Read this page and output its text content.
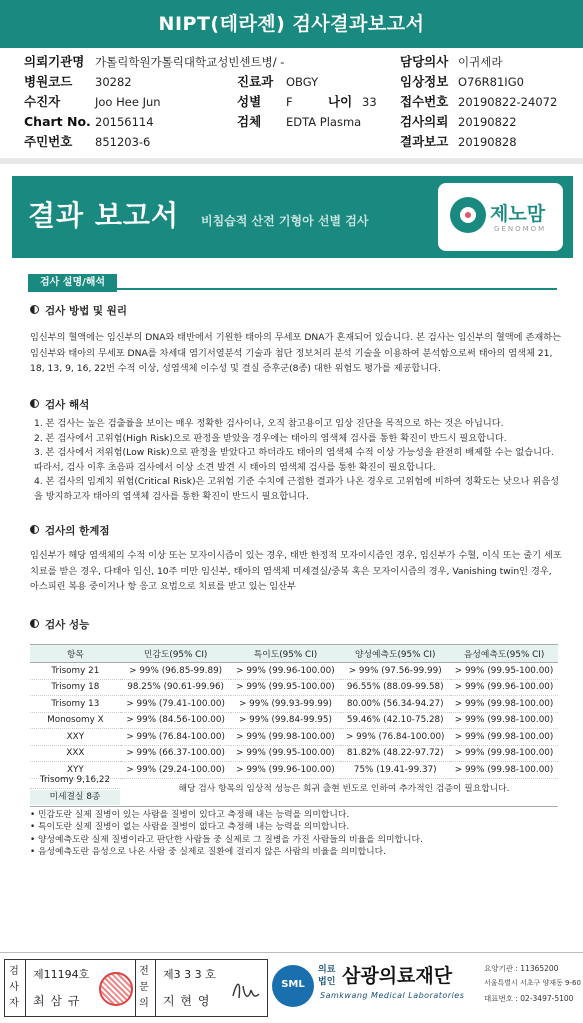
NIPT(테라젠) 검사결과보고서
의뢰기관명 가톨릭학원가톨릭대학교성빈센트병/ -	담당의사 이귀세라
병원코드 30282	진료과 OBGY	임상정보 O76R81IG0
수진자	Joo Hee Jun	성별 F	나이 33 접수번호 20190822-24072
Chart No. 20156114	검체 EDTA Plasma	검사의뢰 20190822
주민번호 851203-6	결과보고 20190828
결과 보고서 비침습적 산전 기형아 선별 검사	제노맘
GENOMOM
검사 설명/해석
검사 방법 및 원리
임신부의 혈액에는 임신부의 DNA와 태반에서 기원한 태아의 무세포 DNA가 혼재되어 있습니다. 본 검사는 임신부의 혈액에 존재하는 임신부와 태아의 무세포 DNA를 차세대 염기서열분석 기술과 첨단 정보처리 분석 기술을 이용하여 분석함으로써 태아의 염색체 21, 18, 13, 9, 16, 22번 수적 이상, 성염색체 이수성 및 결실 증후군(8종) 대한 위험도 평가를 제공합니다.
검사 해석
1. 본 검사는 높은 검출률을 보이는 매우 정확한 검사이나, 오직 참고용이고 임상 진단을 목적으로 하는 것은 아닙니다.
2. 본 검사에서 고위험(High Risk)으로 판정을 받았을 경우에는 태아의 염색체 검사를 통한 확진이 반드시 필요합니다.
3. 본 검사에서 저위험(Low Risk)으로 판정을 받았다고 하더라도 태아의 염색체 수적 이상 가능성을 완전히 배제할 수는 없습니다. 따라서, 검사 이후 초음파 검사에서 이상 소견 발견 시 태아의 염색체 검사를 통한 확진이 필요합니다.
4. 본 검사의 임계치 위험(Critical Risk)은 고위험 기준 수치에 근접한 결과가 나온 경우로 고위험에 비하여 정확도는 낮으나 위음성을 방지하고자 태아의 염색체 검사를 통한 확진이 반드시 필요합니다.
검사의 한계점
임신부가 해당 염색체의 수적 이상 또는 모자이시즘이 있는 경우, 태반 한정적 모자이시즘인 경우, 임신부가 수혈, 이식 또는 줄기 세포 치료를 받은 경우, 다태아 임신, 10주 미만 임신부, 태아의 염색체 미세결실/중복 혹은 모자이시즘의 경우, Vanishing twin인 경우, 아스피린 복용 중이거나 항 응고 요법으로 치료를 받고 있는 임산부
검사 성능
항목	민감도(95% CI)	특이도(95% CI)	양성예측도(95% CI)	음성예측도(95% CI)
Trisomy 21	> 99% (96.85-99.89)	> 99% (99.96-100.00)	> 99% (97.56-99.99)	> 99% (99.95-100.00)
Trisomy 18	98.25% (90.61-99.96)	> 99% (99.95-100.00)	96.55% (88.09-99.58)	> 99% (99.96-100.00)
Trisomy 13	> 99% (79.41-100.00)	> 99% (99.93-99.99)	80.00% (56.34-94.27)	> 99% (99.98-100.00)
Monosomy X	> 99% (84.56-100.00)	> 99% (99.84-99.95)	59.46% (42.10-75.28)	> 99% (99.98-100.00)
XXY	> 99% (76.84-100.00)	> 99% (99.98-100.00)	> 99% (76.84-100.00)	> 99% (99.98-100.00)
XXX	> 99% (66.37-100.00)	> 99% (99.95-100.00)	81.82% (48.22-97.72)	> 99% (99.98-100.00)
XYY	> 99% (29.24-100.00)	> 99% (99.96-100.00)	75% (19.41-99.37)	> 99% (99.98-100.00)
Trisomy 9,16,22
미세결실 8종
해당 검사 항목의 임상적 성능은 희귀 출현 빈도로 인하여 추가적인 검증이 필요합니다.
• 민감도란 실제 질병이 있는 사람을 질병이 있다고 측정해 내는 능력을 의미합니다.
• 특이도란 실제 질병이 없는 사람을 질병이 없다고 측정해 내는 능력을 의미합니다.
• 양성예측도란 실제 질병이라고 판단한 사람들 중 실제로 그 질병을 가진 사람들의 비율을 의미합니다.
• 음성예측도란 음성으로 나온 사람 중 실제로 질환에 걸리지 않은 사람의 비율을 의미합니다.
검사자
제11194호
최 삼 규
전문의
제3 3 3 호
지 현 영
SML
의료
법인 삼광의료재단
Samkwang Medical Laboratories
요양기관 : 11365200
서울특별시 서초구 양재동 9-60
대표번호 : 02-3497-5100
